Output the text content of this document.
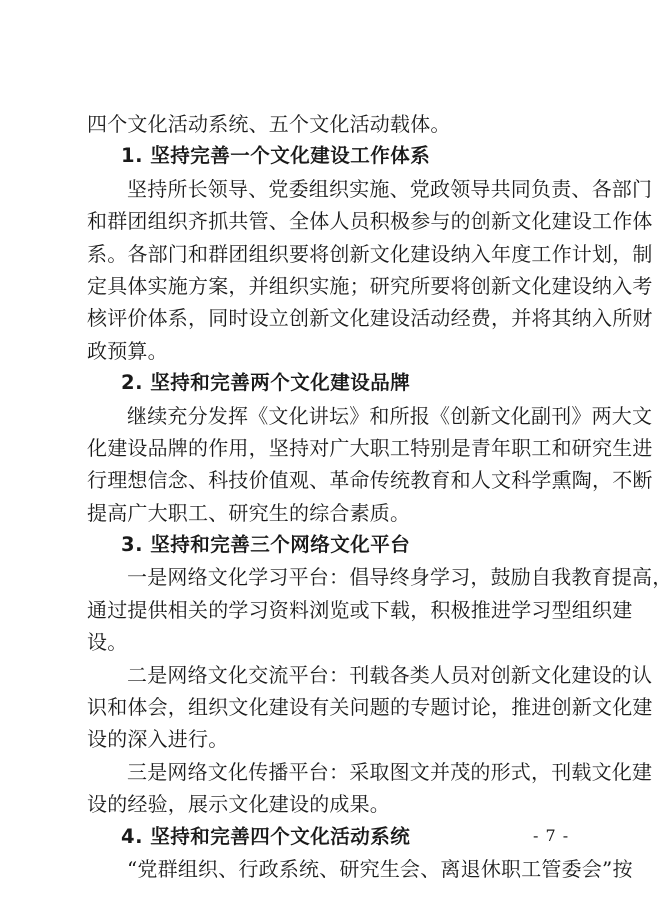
四个文化活动系统、五个文化活动载体。
1. 坚持完善一个文化建设工作体系
坚持所长领导、党委组织实施、党政领导共同负责、各部门
和群团组织齐抓共管、全体人员积极参与的创新文化建设工作体
系。各部门和群团组织要将创新文化建设纳入年度工作计划，制
定具体实施方案，并组织实施；研究所要将创新文化建设纳入考
核评价体系，同时设立创新文化建设活动经费，并将其纳入所财
政预算。
2. 坚持和完善两个文化建设品牌
继续充分发挥《文化讲坛》和所报《创新文化副刊》两大文
化建设品牌的作用，坚持对广大职工特别是青年职工和研究生进
行理想信念、科技价值观、革命传统教育和人文科学熏陶，不断
提高广大职工、研究生的综合素质。
3. 坚持和完善三个网络文化平台
一是网络文化学习平台：倡导终身学习，鼓励自我教育提高，
通过提供相关的学习资料浏览或下载，积极推进学习型组织建
设。
二是网络文化交流平台：刊载各类人员对创新文化建设的认
识和体会，组织文化建设有关问题的专题讨论，推进创新文化建
设的深入进行。
三是网络文化传播平台：采取图文并茂的形式，刊载文化建
设的经验，展示文化建设的成果。
4. 坚持和完善四个文化活动系统
“党群组织、行政系统、研究生会、离退休职工管委会”按
- 7 -
